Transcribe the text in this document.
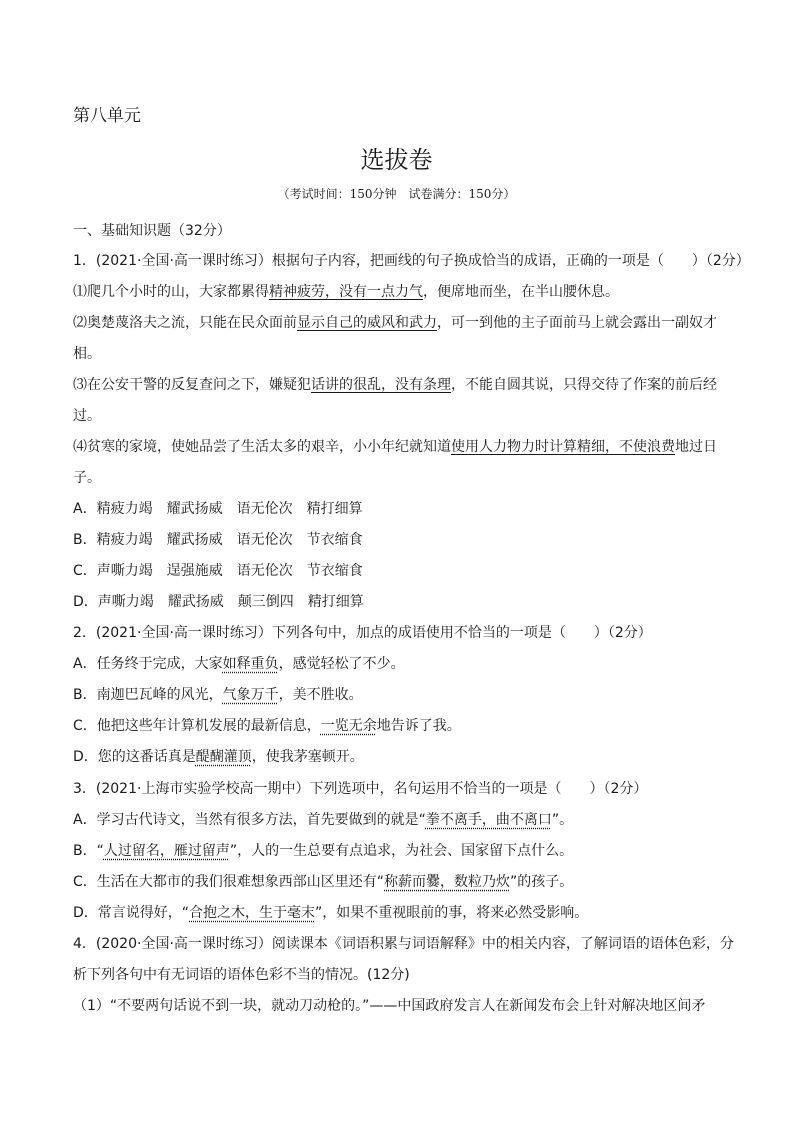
第八单元
选拔卷
（考试时间：150分钟　试卷满分：150分）
一、基础知识题（32分）
1．(2021·全国·高一课时练习）根据句子内容，把画线的句子换成恰当的成语，正确的一项是（　　）（2分）
⑴爬几个小时的山，大家都累得精神疲劳，没有一点力气，便席地而坐，在半山腰休息。
⑵奥楚蔑洛夫之流，只能在民众面前显示自己的威风和武力，可一到他的主子面前马上就会露出一副奴才
相。
⑶在公安干警的反复查问之下，嫌疑犯话讲的很乱，没有条理，不能自圆其说，只得交待了作案的前后经
过。
⑷贫寒的家境，使她品尝了生活太多的艰辛，小小年纪就知道使用人力物力时计算精细，不使浪费地过日
子。
A．精疲力竭　耀武扬威　语无伦次　精打细算
B．精疲力竭　耀武扬威　语无伦次　节衣缩食
C．声嘶力竭　逞强施威　语无伦次　节衣缩食
D．声嘶力竭　耀武扬威　颠三倒四　精打细算
2．(2021·全国·高一课时练习）下列各句中，加点的成语使用不恰当的一项是（　　）（2分）
A．任务终于完成，大家如释重负，感觉轻松了不少。
B．南迦巴瓦峰的风光，气象万千，美不胜收。
C．他把这些年计算机发展的最新信息，一览无余地告诉了我。
D．您的这番话真是醍醐灌顶，使我茅塞顿开。
3．(2021·上海市实验学校高一期中）下列选项中，名句运用不恰当的一项是（　　）（2分）
A．学习古代诗文，当然有很多方法，首先要做到的就是“拳不离手，曲不离口”。
B．“人过留名，雁过留声”，人的一生总要有点追求，为社会、国家留下点什么。
C．生活在大都市的我们很难想象西部山区里还有“称薪而爨，数粒乃炊”的孩子。
D．常言说得好，“合抱之木，生于毫末”，如果不重视眼前的事，将来必然受影响。
4．(2020·全国·高一课时练习）阅读课本《词语积累与词语解释》中的相关内容，了解词语的语体色彩，分
析下列各句中有无词语的语体色彩不当的情况。(12分)
（1）“不要两句话说不到一块，就动刀动枪的。”——中国政府发言人在新闻发布会上针对解决地区间矛
